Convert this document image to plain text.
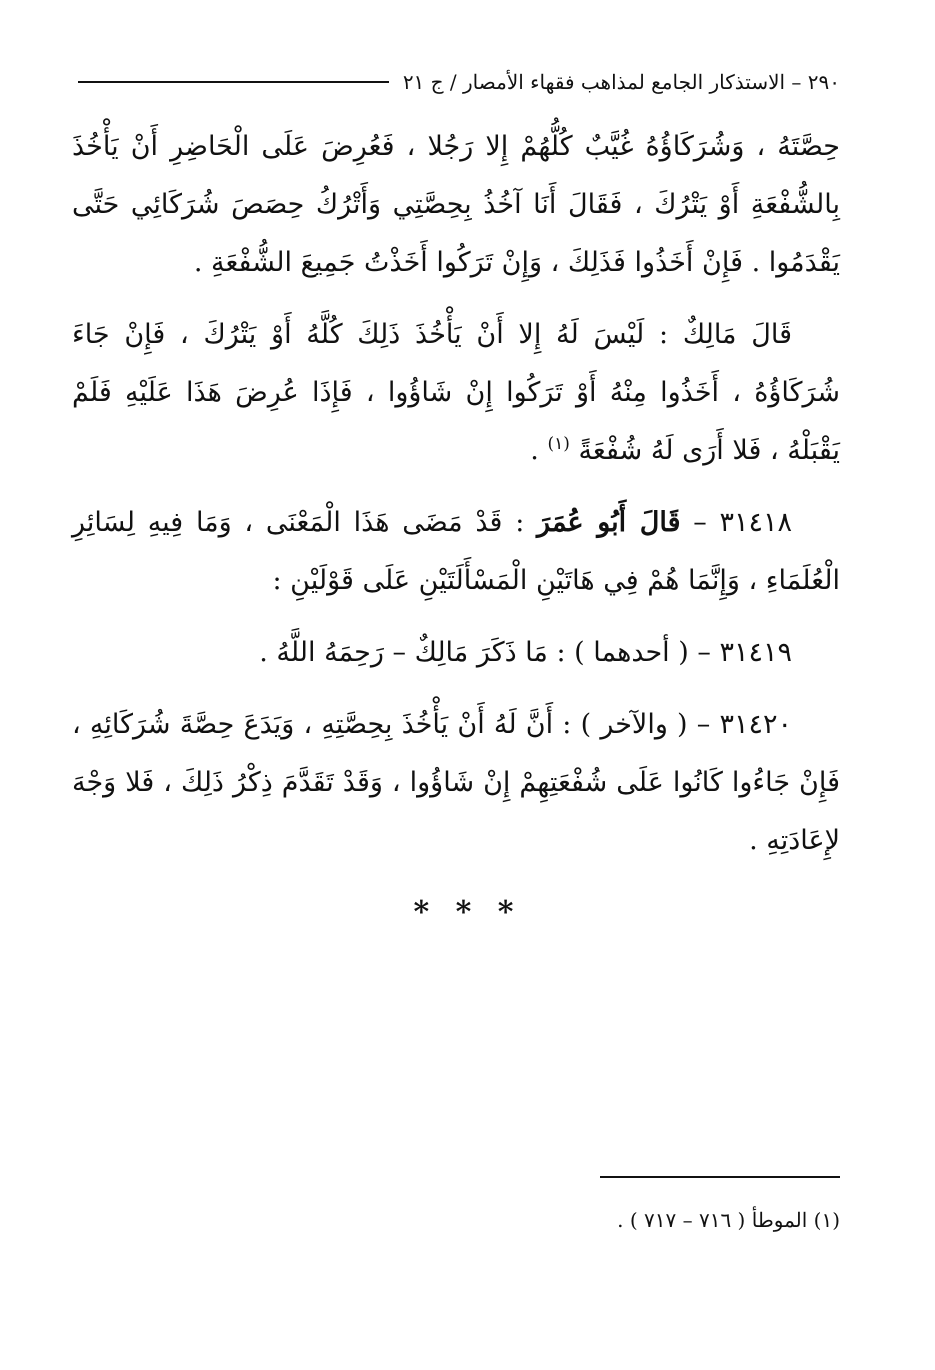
٢٩٠ – الاستذكار الجامع لمذاهب فقهاء الأمصار / ج ٢١

حِصَّتَهُ ، وَشُرَكَاؤُهُ غُيَّبٌ كُلُّهُمْ إِلا رَجُلا ، فَعُرِضَ عَلَى الْحَاضِرِ أَنْ يَأْخُذَ بِالشُّفْعَةِ أَوْ يَتْرُكَ ، فَقَالَ أَنَا آخُذُ بِحِصَّتِي وَأَتْرُكُ حِصَصَ شُرَكَائِي حَتَّى يَقْدَمُوا . فَإِنْ أَخَذُوا فَذَلِكَ ، وَإِنْ تَرَكُوا أَخَذْتُ جَمِيعَ الشُّفْعَةِ .

قَالَ مَالِكٌ : لَيْسَ لَهُ إِلا أَنْ يَأْخُذَ ذَلِكَ كُلَّهُ أَوْ يَتْرُكَ ، فَإِنْ جَاءَ شُرَكَاؤُهُ ، أَخَذُوا مِنْهُ أَوْ تَرَكُوا إِنْ شَاؤُوا ، فَإِذَا عُرِضَ هَذَا عَلَيْهِ فَلَمْ يَقْبَلْهُ ، فَلا أَرَى لَهُ شُفْعَةً $^{(١)}$ .

٣١٤١٨ – قَالَ أَبُو عُمَرَ : قَدْ مَضَى هَذَا الْمَعْنَى ، وَمَا فِيهِ لِسَائِرِ الْعُلَمَاءِ ، وَإِنَّمَا هُمْ فِي هَاتَيْنِ الْمَسْأَلَتَيْنِ عَلَى قَوْلَيْنِ :

٣١٤١٩ – ( أحدهما ) : مَا ذَكَرَ مَالِكٌ – رَحِمَهُ اللَّهُ .

٣١٤٢٠ – ( والآخر ) : أَنَّ لَهُ أَنْ يَأْخُذَ بِحِصَّتِهِ ، وَيَدَعَ حِصَّةَ شُرَكَائِهِ ، فَإِنْ جَاءُوا كَانُوا عَلَى شُفْعَتِهِمْ إِنْ شَاؤُوا ، وَقَدْ تَقَدَّمَ ذِكْرُ ذَلِكَ ، فَلا وَجْهَ لإِعَادَتِهِ .

* * *
(١) الموطأ ( ٧١٦ – ٧١٧ ) .
